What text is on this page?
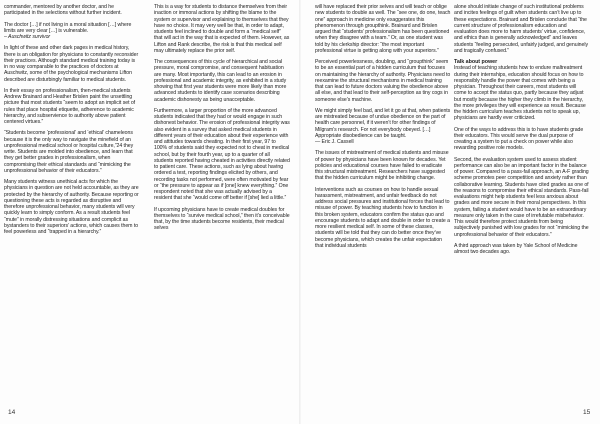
commander, mentored by another doctor, and he participated in the selections without further incident.

The doctor […] if not living in a moral situation […] where limits are very clear […] is vulnerable.

– Auschwitz survivor

In light of these and other dark pages in medical history, there is an obligation for physicians to constantly reconsider their practices. Although standard medical training today is in no way comparable to the practices of doctors at Auschwitz, some of the psychological mechanisms Lifton described are disturbingly familiar to medical students.

In their essay on professionalism, then-medical students Andrew Brainard and Heather Brislen paint the unsettling picture that most students “seem to adopt an implicit set of rules that place hospital etiquette, adherence to academic hierarchy, and subservience to authority above patient centered virtues.”

“Students become ‘professional’ and ‘ethical’ chameleons because it is the only way to navigate the minefield of an unprofessional medical school or hospital culture,”24 they write. Students are molded into obedience, and learn that they get better grades in professionalism, when compromising their ethical standards and “mimicking the unprofessional behavior of their educators.”

Many students witness unethical acts for which the physicians in question are not held accountable, as they are protected by the hierarchy of authority. Because reporting or questioning these acts is regarded as disruptive and therefore unprofessional behavior, many students will very quickly learn to simply conform. As a result students feel “mute” in morally distressing situations and complicit as bystanders to their superiors’ actions, which causes them to feel powerless and “trapped in a hierarchy.”

This is a way for students to distance themselves from their inaction or immoral actions by shifting the blame to the system or supervisor and explaining to themselves that they have no choice. It may very well be that, in order to adapt, students feel inclined to double and form a “medical self” that will act in the way that is expected of them. However, as Lifton and Rank describe, the risk is that this medical self may ultimately replace the prior self.

The consequences of this cycle of hierarchical and social pressure, moral compromise, and consequent habituation are many. Most importantly, this can lead to an erosion in professional and academic integrity, as exhibited in a study showing that first year students were more likely than more advanced students to identify case scenarios describing academic dishonesty as being unacceptable.

Furthermore, a larger proportion of the more advanced students indicated that they had or would engage in such dishonest behavior. The erosion of professional integrity was also evident in a survey that asked medical students in different years of their education about their experience with and attitudes towards cheating. In their first year, 97 to 100% of students said they expected not to cheat in medical school, but by their fourth year, up to a quarter of all students reported having cheated in activities directly related to patient care. These actions, such as lying about having ordered a test, reporting findings elicited by others, and recording tasks not performed, were often motivated by fear or “the pressure to appear as if [one] knew everything.” One respondent noted that she was actually advised by a resident that she “would come off better if [she] lied a little.”

If upcoming physicians have to create medical doubles for themselves to “survive medical school,” then it’s conceivable that, by the time students become residents, their medical selves

will have replaced their prior selves and will teach or oblige new students to double as well. The “see one, do one, teach one” approach in medicine only exaggerates this phenomenon through groupthink. Brainard and Brislen argued that “students’ professionalism has been questioned when they disagree with a team.” Or, as one student was told by his clerkship director: “the most important professional virtue is getting along with your superiors.”

Perceived powerlessness, doubling, and “groupthink” seem to be an essential part of a hidden curriculum that focuses on maintaining the hierarchy of authority. Physicians need to reexamine the structural mechanisms in medical training that can lead to future doctors valuing the obedience above all else, and that lead to their self-perception as tiny cogs in someone else’s machine.

We might simply feel bad, and let it go at that, when patients are mistreated because of undue obedience on the part of health care personnel, if it weren’t for other findings of Milgram’s research. For not everybody obeyed. […] Appropriate disobedience can be taught.

— Eric J. Cassell

The issues of mistreatment of medical students and misuse of power by physicians have been known for decades. Yet policies and educational courses have failed to eradicate this structural mistreatment. Researchers have suggested that the hidden curriculum might be inhibiting change.

Interventions such as courses on how to handle sexual harassment, mistreatment, and unfair feedback do not address social pressures and institutional forces that lead to misuse of power. By teaching students how to function in this broken system, educators confirm the status quo and encourage students to adapt and double in order to create a more resilient medical self. In some of these classes, students will be told that they can do better once they’ve become physicians, which creates the unfair expectation that individual students

alone should initiate change of such institutional problems and incites feelings of guilt when students can’t live up to these expectations. Brainard and Brislen conclude that “the current structure of professionalism education and evaluation does more to harm students’ virtue, confidence, and ethics than is generally acknowledged” and leaves students “feeling persecuted, unfairly judged, and genuinely and tragically confused.”

Talk about power

Instead of teaching students how to endure maltreatment during their internships, education should focus on how to responsibly handle the power that comes with being a physician. Throughout their careers, most students will come to accept the status quo, partly because they adjust but mostly because the higher they climb in the hierarchy, the more privileges they will experience as result. Because the hidden curriculum teaches students not to speak up, physicians are hardly ever criticized.

One of the ways to address this is to have students grade their educators. This would serve the dual purpose of creating a system to put a check on power while also rewarding positive role models.

Second, the evaluation system used to assess student performance can also be an important factor in the balance of power. Compared to a pass-fail approach, an A-F grading scheme promotes peer competition and anxiety rather than collaborative learning. Students have cited grades as one of the reasons to compromise their ethical standards. Pass-fail evaluations might help students feel less anxious about grades and more secure in their moral perspectives. In this system, failing a student would have to be an extraordinary measure only taken in the case of irrefutable misbehavior. This would therefore protect students from being subjectively punished with low grades for not “mimicking the unprofessional behavior of their educators.”

A third approach was taken by Yale School of Medicine almost two decades ago.

14	15
